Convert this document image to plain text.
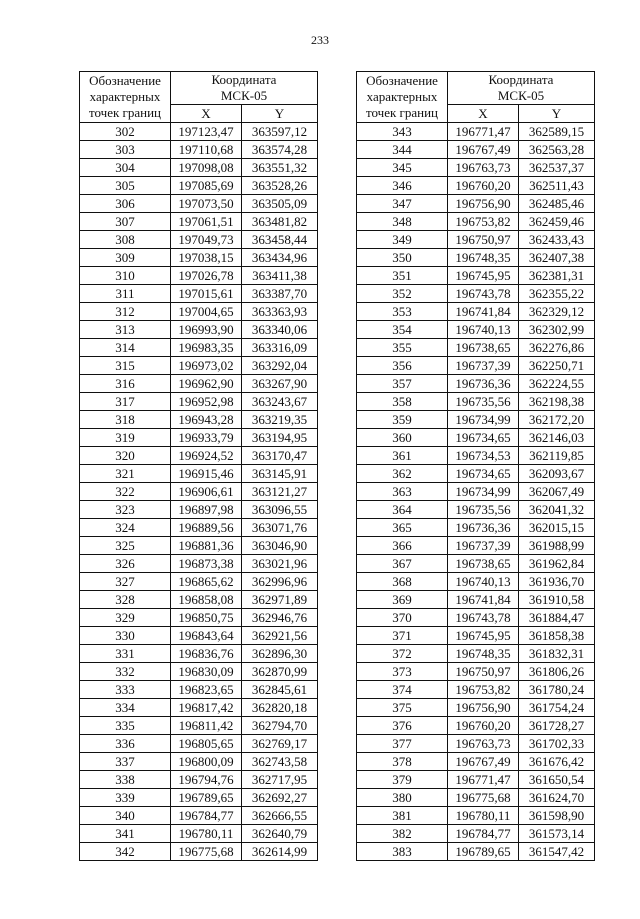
233
Обозначение
характерных
точек границ	Координата
МСК-05	

	X	Y
302	197123,47	363597,12
303	197110,68	363574,28
304	197098,08	363551,32
305	197085,69	363528,26
306	197073,50	363505,09
307	197061,51	363481,82
308	197049,73	363458,44
309	197038,15	363434,96
310	197026,78	363411,38
311	197015,61	363387,70
312	197004,65	363363,93
313	196993,90	363340,06
314	196983,35	363316,09
315	196973,02	363292,04
316	196962,90	363267,90
317	196952,98	363243,67
318	196943,28	363219,35
319	196933,79	363194,95
320	196924,52	363170,47
321	196915,46	363145,91
322	196906,61	363121,27
323	196897,98	363096,55
324	196889,56	363071,76
325	196881,36	363046,90
326	196873,38	363021,96
327	196865,62	362996,96
328	196858,08	362971,89
329	196850,75	362946,76
330	196843,64	362921,56
331	196836,76	362896,30
332	196830,09	362870,99
333	196823,65	362845,61
334	196817,42	362820,18
335	196811,42	362794,70
336	196805,65	362769,17
337	196800,09	362743,58
338	196794,76	362717,95
339	196789,65	362692,27
340	196784,77	362666,55
341	196780,11	362640,79
342	196775,68	362614,99
Обозначение
характерных
точек границ	Координата
МСК-05	

	X	Y
343	196771,47	362589,15
344	196767,49	362563,28
345	196763,73	362537,37
346	196760,20	362511,43
347	196756,90	362485,46
348	196753,82	362459,46
349	196750,97	362433,43
350	196748,35	362407,38
351	196745,95	362381,31
352	196743,78	362355,22
353	196741,84	362329,12
354	196740,13	362302,99
355	196738,65	362276,86
356	196737,39	362250,71
357	196736,36	362224,55
358	196735,56	362198,38
359	196734,99	362172,20
360	196734,65	362146,03
361	196734,53	362119,85
362	196734,65	362093,67
363	196734,99	362067,49
364	196735,56	362041,32
365	196736,36	362015,15
366	196737,39	361988,99
367	196738,65	361962,84
368	196740,13	361936,70
369	196741,84	361910,58
370	196743,78	361884,47
371	196745,95	361858,38
372	196748,35	361832,31
373	196750,97	361806,26
374	196753,82	361780,24
375	196756,90	361754,24
376	196760,20	361728,27
377	196763,73	361702,33
378	196767,49	361676,42
379	196771,47	361650,54
380	196775,68	361624,70
381	196780,11	361598,90
382	196784,77	361573,14
383	196789,65	361547,42
